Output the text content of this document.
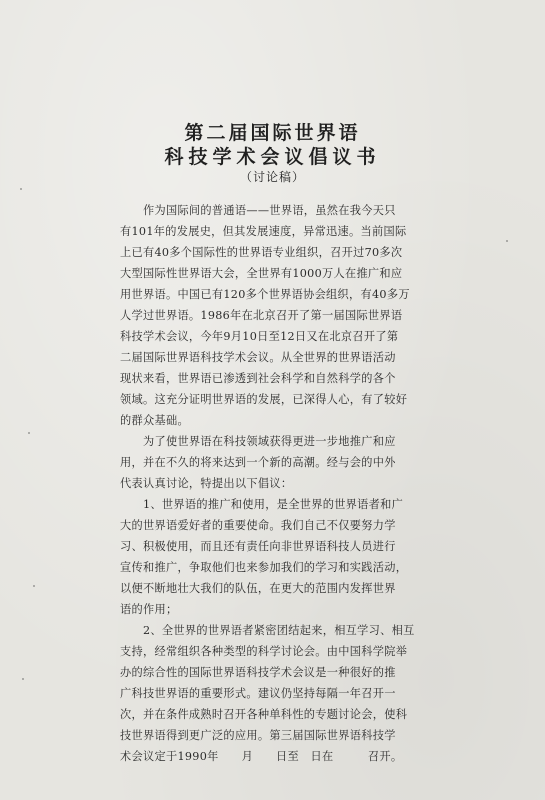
第二届国际世界语
科技学术会议倡议书
（讨论稿）
　　作为国际间的普通语——世界语，虽然在我今天只
有101年的发展史，但其发展速度，异常迅速。当前国际
上已有40多个国际性的世界语专业组织，召开过70多次
大型国际性世界语大会，全世界有1000万人在推广和应
用世界语。中国已有120多个世界语协会组织，有40多万
人学过世界语。1986年在北京召开了第一届国际世界语
科技学术会议，今年9月10日至12日又在北京召开了第
二届国际世界语科技学术会议。从全世界的世界语活动
现状来看，世界语已渗透到社会科学和自然科学的各个
领域。这充分证明世界语的发展，已深得人心，有了较好
的群众基础。
　　为了使世界语在科技领域获得更进一步地推广和应
用，并在不久的将来达到一个新的高潮。经与会的中外
代表认真讨论，特提出以下倡议：
　　1、世界语的推广和使用，是全世界的世界语者和广
大的世界语爱好者的重要使命。我们自己不仅要努力学
习、积极使用，而且还有责任向非世界语科技人员进行
宣传和推广，争取他们也来参加我们的学习和实践活动，
以便不断地壮大我们的队伍，在更大的范围内发挥世界
语的作用；
　　2、全世界的世界语者紧密团结起来，相互学习、相互
支持，经常组织各种类型的科学讨论会。由中国科学院举
办的综合性的国际世界语科技学术会议是一种很好的推
广科技世界语的重要形式。建议仍坚持每隔一年召开一
次，并在条件成熟时召开各种单科性的专题讨论会，使科
技世界语得到更广泛的应用。第三届国际世界语科技学
术会议定于1990年　　月　　日至　日在　　　召开。
